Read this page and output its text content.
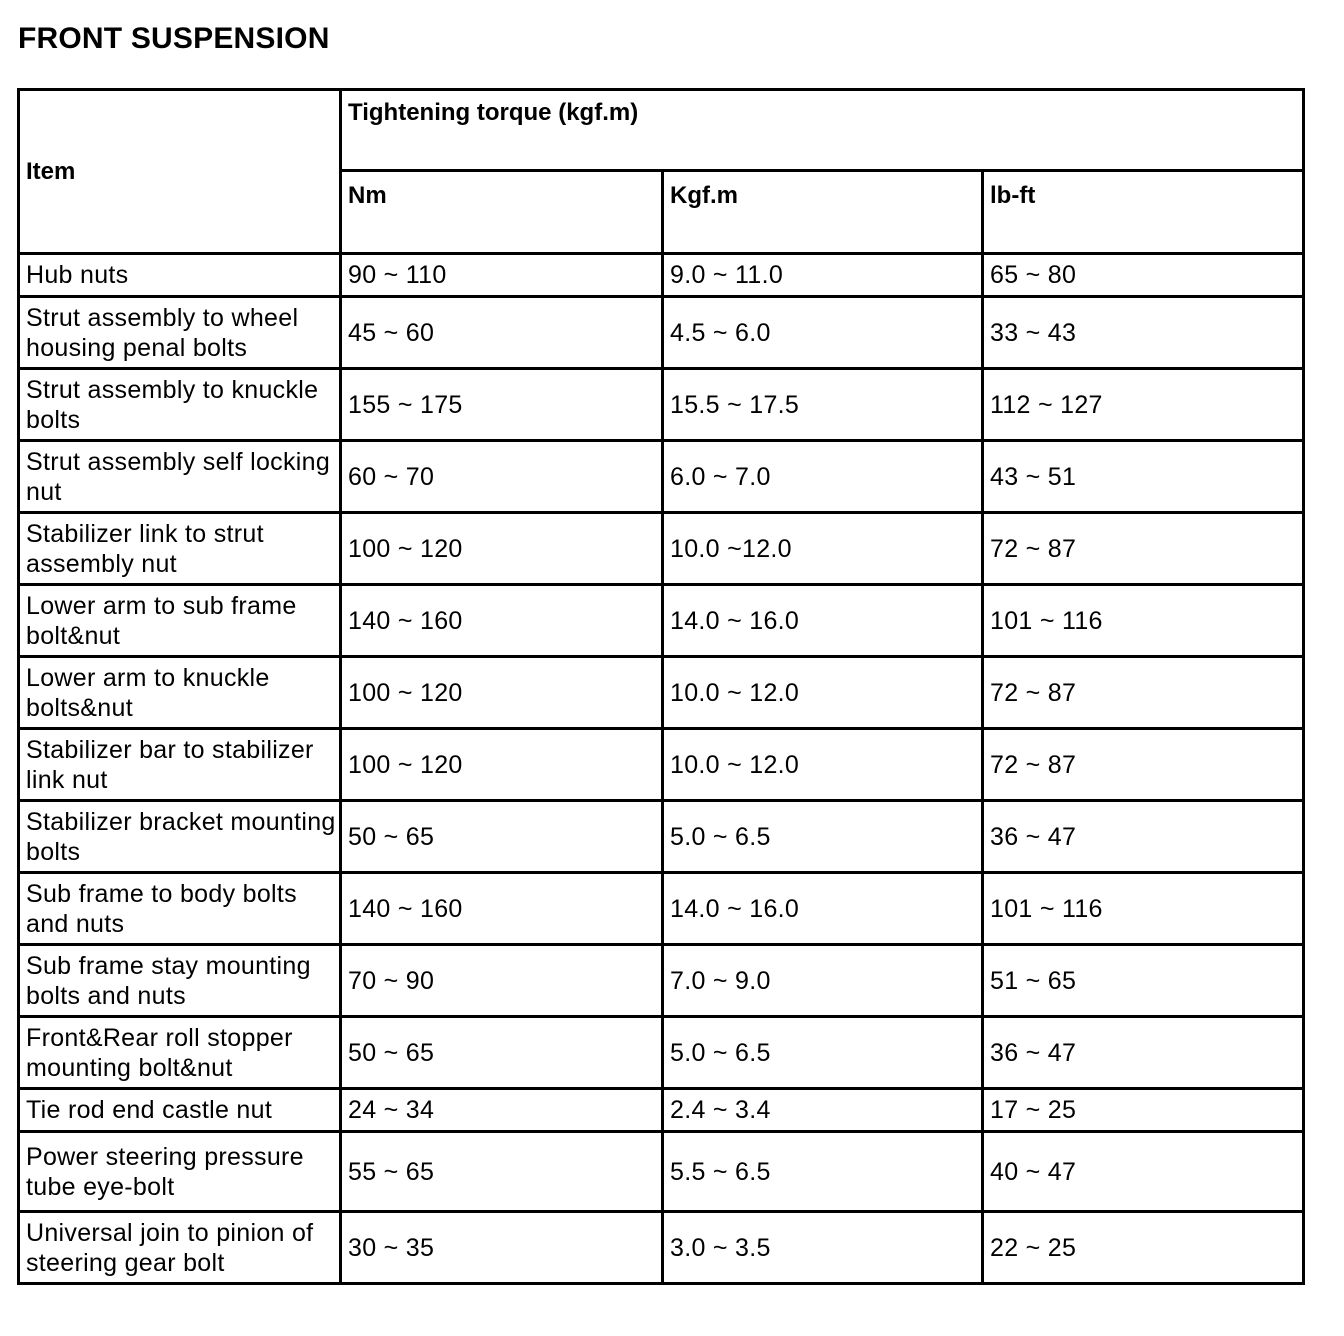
FRONT SUSPENSION
Item	Tightening torque (kgf.m)		
	Nm	Kgf.m	lb-ft
Hub nuts	90 ~ 110	9.0 ~ 11.0	65 ~ 80
Strut assembly to wheel housing penal bolts	45 ~ 60	4.5 ~ 6.0	33 ~ 43
Strut assembly to knuckle bolts	155 ~ 175	15.5 ~ 17.5	112 ~ 127
Strut assembly self locking nut	60 ~ 70	6.0 ~ 7.0	43 ~ 51
Stabilizer link to strut assembly nut	100 ~ 120	10.0 ~12.0	72 ~ 87
Lower arm to sub frame bolt&nut	140 ~ 160	14.0 ~ 16.0	101 ~ 116
Lower arm to knuckle bolts&nut	100 ~ 120	10.0 ~ 12.0	72 ~ 87
Stabilizer bar to stabilizer link nut	100 ~ 120	10.0 ~ 12.0	72 ~ 87
Stabilizer bracket mounting bolts	50 ~ 65	5.0 ~ 6.5	36 ~ 47
Sub frame to body bolts and nuts	140 ~ 160	14.0 ~ 16.0	101 ~ 116
Sub frame stay mounting bolts and nuts	70 ~ 90	7.0 ~ 9.0	51 ~ 65
Front&Rear roll stopper mounting bolt&nut	50 ~ 65	5.0 ~ 6.5	36 ~ 47
Tie rod end castle nut	24 ~ 34	2.4 ~ 3.4	17 ~ 25
Power steering pressure tube eye-bolt	55 ~ 65	5.5 ~ 6.5	40 ~ 47
Universal join to pinion of steering gear bolt	30 ~ 35	3.0 ~ 3.5	22 ~ 25
